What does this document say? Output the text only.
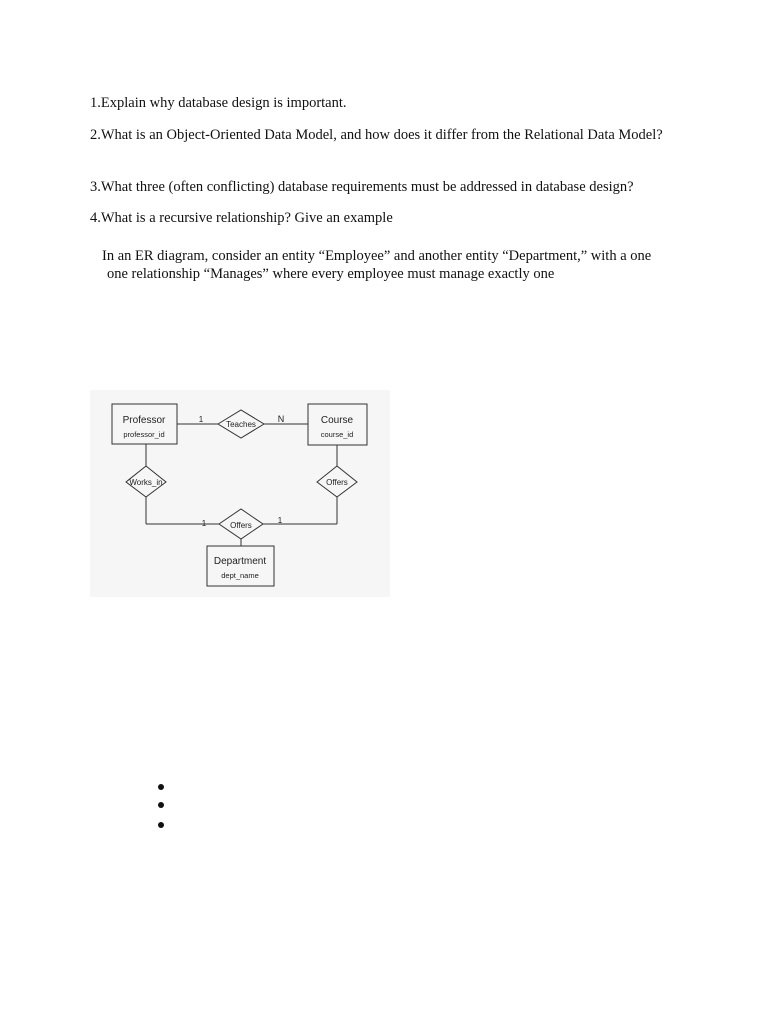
1.Explain why database design is important.

2.What is an Object-Oriented Data Model, and how does it differ from the Relational Data Model?

3.What three (often conflicting) database requirements must be addressed in database design?

4.What is a recursive relationship? Give an example

In an ER diagram, consider an entity “Employee” and another entity “Department,” with a one

one relationship “Manages” where every employee must manage exactly one

Professor
professor_id
Course
course_id
Department
dept_name
Teaches
Works_in	Offers
Offers
1	N
1	1
